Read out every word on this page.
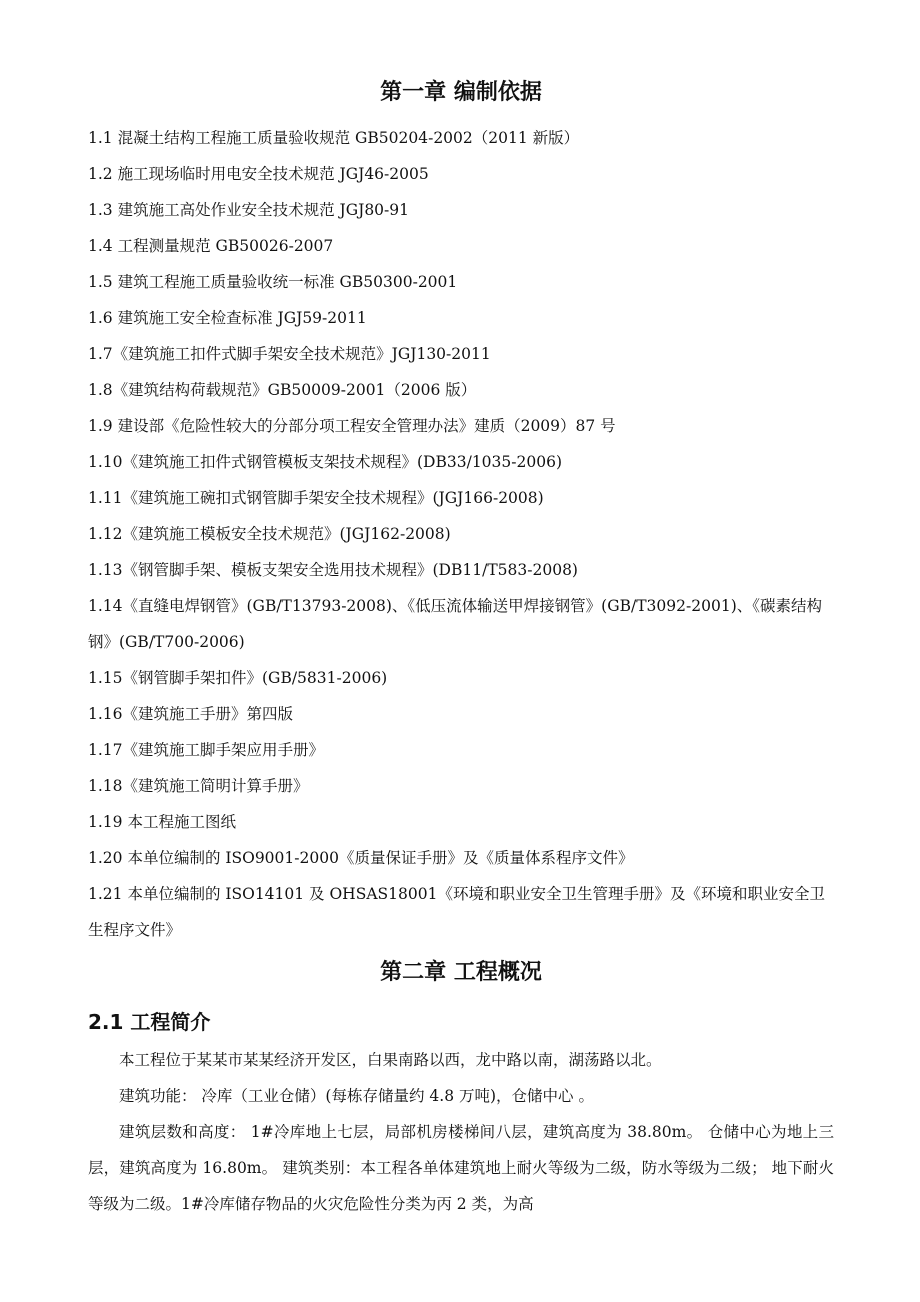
第一章 编制依据
1.1 混凝土结构工程施工质量验收规范 GB50204-2002（2011 新版）
1.2 施工现场临时用电安全技术规范 JGJ46-2005
1.3 建筑施工高处作业安全技术规范 JGJ80-91
1.4 工程测量规范 GB50026-2007
1.5 建筑工程施工质量验收统一标准 GB50300-2001
1.6 建筑施工安全检查标准 JGJ59-2011
1.7《建筑施工扣件式脚手架安全技术规范》JGJ130-2011
1.8《建筑结构荷载规范》GB50009-2001（2006 版）
1.9 建设部《危险性较大的分部分项工程安全管理办法》建质（2009）87 号
1.10《建筑施工扣件式钢管模板支架技术规程》(DB33/1035-2006)
1.11《建筑施工碗扣式钢管脚手架安全技术规程》(JGJ166-2008)
1.12《建筑施工模板安全技术规范》(JGJ162-2008)
1.13《钢管脚手架、模板支架安全选用技术规程》(DB11/T583-2008)
1.14《直缝电焊钢管》(GB/T13793-2008)、《低压流体输送甲焊接钢管》(GB/T3092-2001)、《碳素结构钢》(GB/T700-2006)
1.15《钢管脚手架扣件》(GB/5831-2006)
1.16《建筑施工手册》第四版
1.17《建筑施工脚手架应用手册》
1.18《建筑施工简明计算手册》
1.19 本工程施工图纸
1.20 本单位编制的 ISO9001-2000《质量保证手册》及《质量体系程序文件》
1.21 本单位编制的 ISO14101 及 OHSAS18001《环境和职业安全卫生管理手册》及《环境和职业安全卫生程序文件》
第二章 工程概况
2.1 工程简介

本工程位于某某市某某经济开发区，白果南路以西，龙中路以南，湖荡路以北。

建筑功能： 冷库（工业仓储）(每栋存储量约 4.8 万吨)，仓储中心 。

建筑层数和高度： 1#冷库地上七层，局部机房楼梯间八层，建筑高度为 38.80m。 仓储中心为地上三层，建筑高度为 16.80m。 建筑类别：本工程各单体建筑地上耐火等级为二级，防水等级为二级； 地下耐火等级为二级。1#冷库储存物品的火灾危险性分类为丙 2 类，为高
